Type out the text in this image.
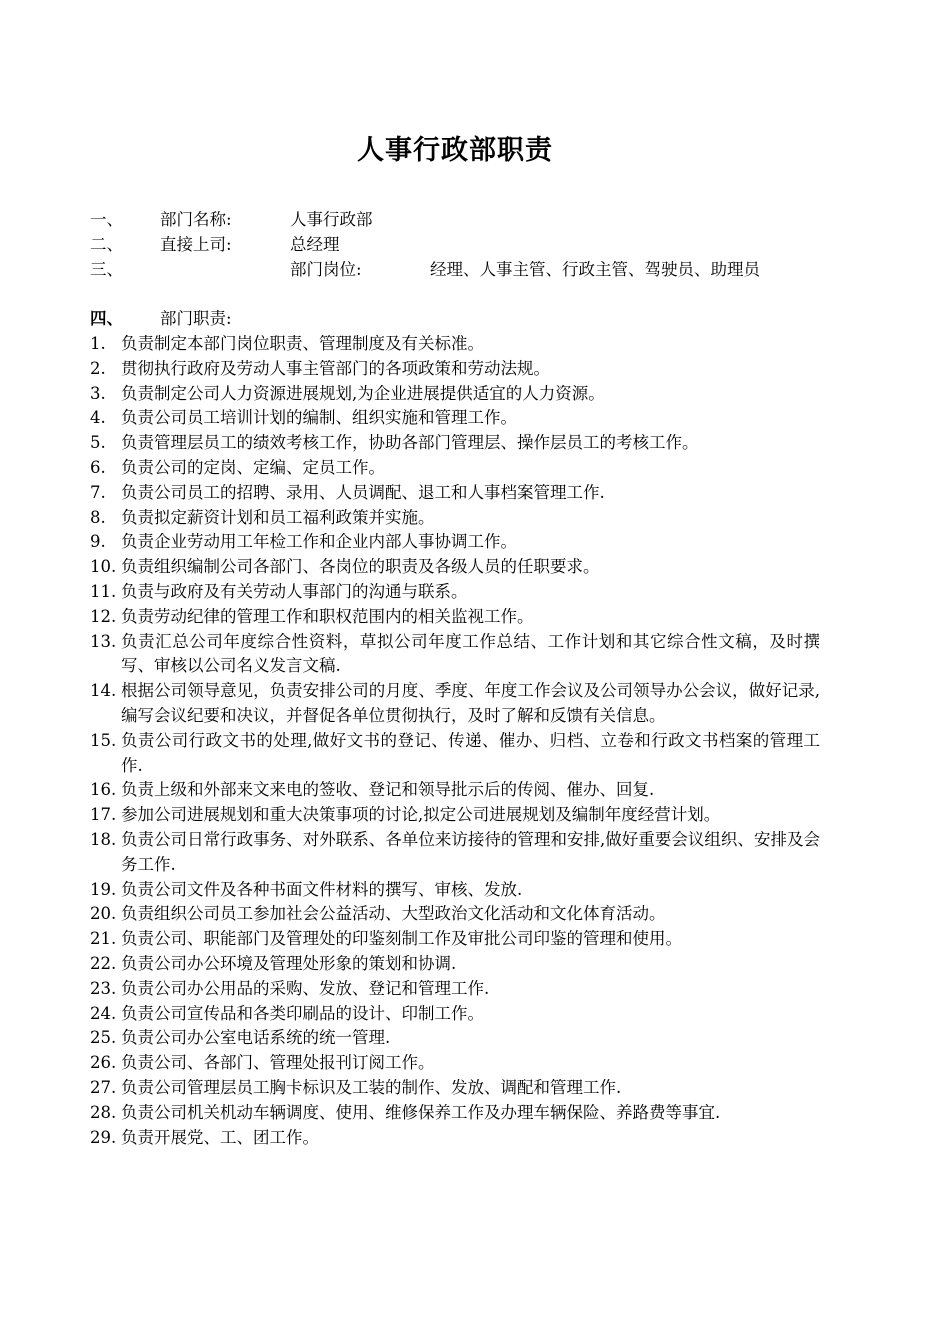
人事行政部职责
一、 部门名称:	人事行政部
二、 直接上司:	总经理
三、	部门岗位:	经理、人事主管、行政主管、驾驶员、助理员
四、 部门职责:
1. 负责制定本部门岗位职责、管理制度及有关标准。
2. 贯彻执行政府及劳动人事主管部门的各项政策和劳动法规。
3. 负责制定公司人力资源进展规划,为企业进展提供适宜的人力资源。
4. 负责公司员工培训计划的编制、组织实施和管理工作。
5. 负责管理层员工的绩效考核工作，协助各部门管理层、操作层员工的考核工作。
6. 负责公司的定岗、定编、定员工作。
7. 负责公司员工的招聘、录用、人员调配、退工和人事档案管理工作.
8. 负责拟定薪资计划和员工福利政策并实施。
9. 负责企业劳动用工年检工作和企业内部人事协调工作。
10. 负责组织编制公司各部门、各岗位的职责及各级人员的任职要求。
11. 负责与政府及有关劳动人事部门的沟通与联系。
12. 负责劳动纪律的管理工作和职权范围内的相关监视工作。
13. 负责汇总公司年度综合性资料，草拟公司年度工作总结、工作计划和其它综合性文稿，及时撰写、审核以公司名义发言文稿.
14. 根据公司领导意见，负责安排公司的月度、季度、年度工作会议及公司领导办公会议，做好记录,编写会议纪要和决议，并督促各单位贯彻执行，及时了解和反馈有关信息。
15. 负责公司行政文书的处理,做好文书的登记、传递、催办、归档、立卷和行政文书档案的管理工作.
16. 负责上级和外部来文来电的签收、登记和领导批示后的传阅、催办、回复.
17. 参加公司进展规划和重大决策事项的讨论,拟定公司进展规划及编制年度经营计划。
18. 负责公司日常行政事务、对外联系、各单位来访接待的管理和安排,做好重要会议组织、安排及会务工作.
19. 负责公司文件及各种书面文件材料的撰写、审核、发放.
20. 负责组织公司员工参加社会公益活动、大型政治文化活动和文化体育活动。
21. 负责公司、职能部门及管理处的印鉴刻制工作及审批公司印鉴的管理和使用。
22. 负责公司办公环境及管理处形象的策划和协调.
23. 负责公司办公用品的采购、发放、登记和管理工作.
24. 负责公司宣传品和各类印刷品的设计、印制工作。
25. 负责公司办公室电话系统的统一管理.
26. 负责公司、各部门、管理处报刊订阅工作。
27. 负责公司管理层员工胸卡标识及工装的制作、发放、调配和管理工作.
28. 负责公司机关机动车辆调度、使用、维修保养工作及办理车辆保险、养路费等事宜.
29. 负责开展党、工、团工作。
